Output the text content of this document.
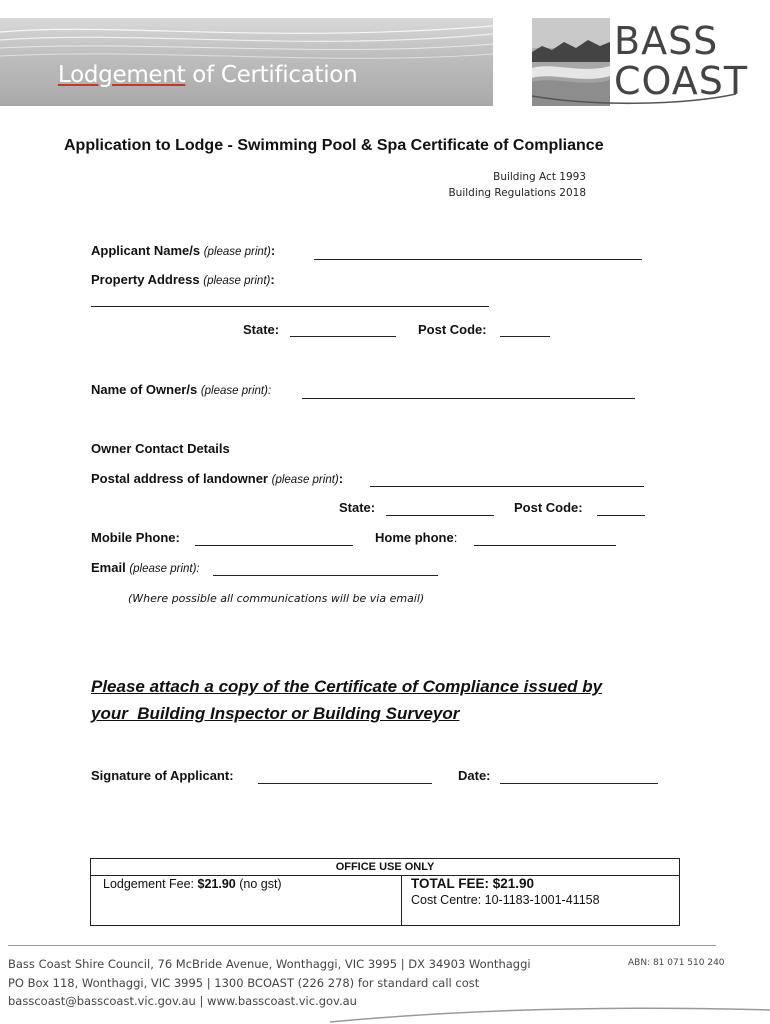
Lodgement of Certification
BASS
COAST
Application to Lodge - Swimming Pool & Spa Certificate of Compliance
Building Act 1993
Building Regulations 2018
Applicant Name/s (please print):
Property Address (please print):
State:	Post Code:
Name of Owner/s (please print):
Owner Contact Details
Postal address of landowner (please print):
State:	Post Code:
Mobile Phone:	Home phone:
Email (please print):
(Where possible all communications will be via email)
Please attach a copy of the Certificate of Compliance issued by
your  Building Inspector or Building Surveyor
Signature of Applicant:	Date:
OFFICE USE ONLY
Lodgement Fee: $21.90 (no gst)	TOTAL FEE: $21.90
Cost Centre: 10-1183-1001-41158
Bass Coast Shire Council, 76 McBride Avenue, Wonthaggi, VIC 3995 | DX 34903 Wonthaggi
PO Box 118, Wonthaggi, VIC 3995 | 1300 BCOAST (226 278) for standard call cost
basscoast@basscoast.vic.gov.au | www.basscoast.vic.gov.au
ABN: 81 071 510 240
